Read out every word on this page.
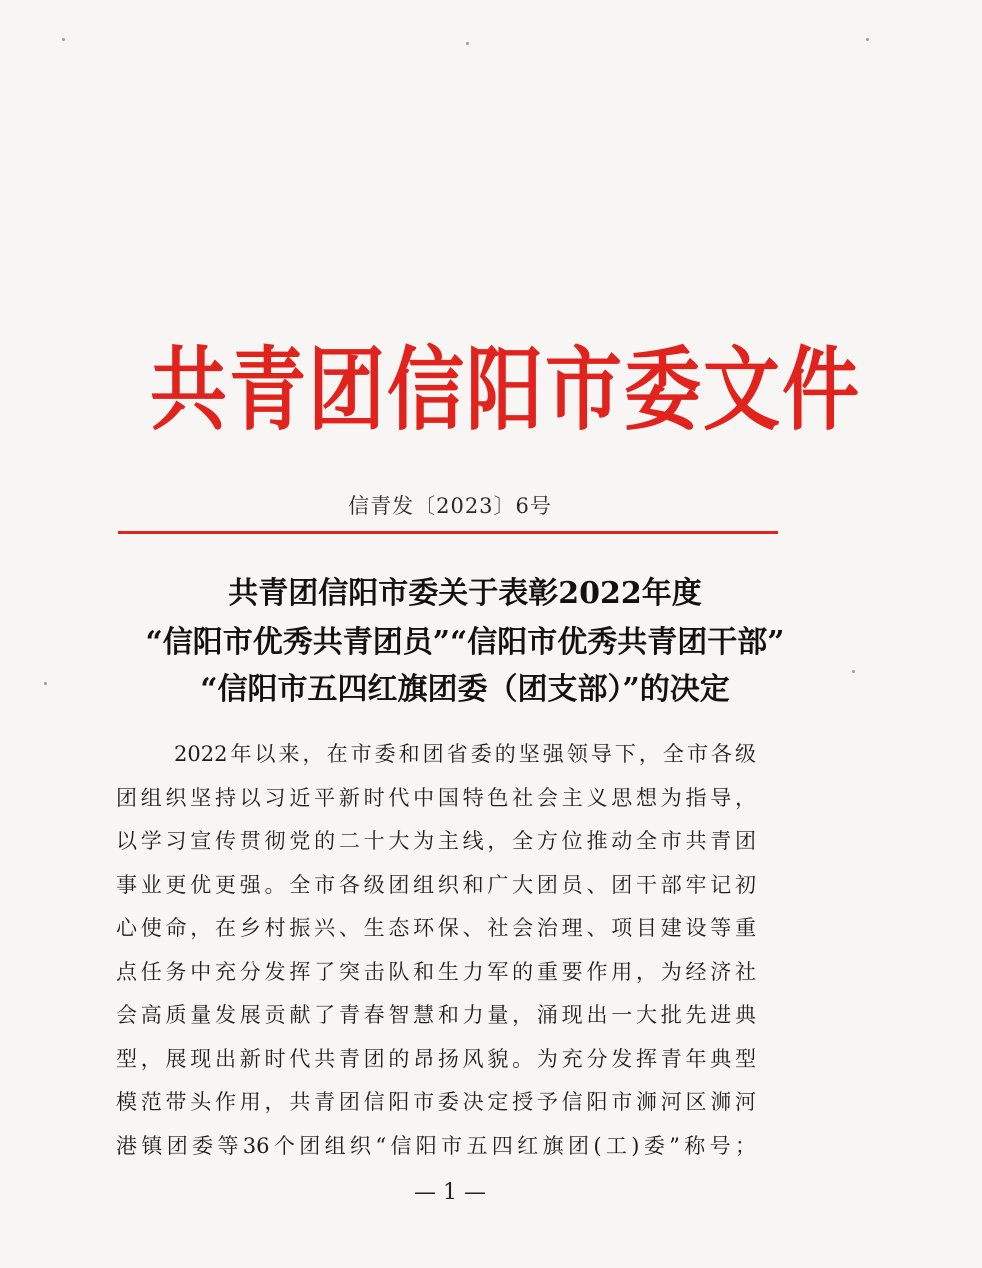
共青团信阳市委文件
信青发〔2023〕6号
共青团信阳市委关于表彰2022年度
“信阳市优秀共青团员”“信阳市优秀共青团干部”
“信阳市五四红旗团委（团支部）”的决定
2022年以来，在市委和团省委的坚强领导下，全市各级
团组织坚持以习近平新时代中国特色社会主义思想为指导，
以学习宣传贯彻党的二十大为主线，全方位推动全市共青团
事业更优更强。全市各级团组织和广大团员、团干部牢记初
心使命，在乡村振兴、生态环保、社会治理、项目建设等重
点任务中充分发挥了突击队和生力军的重要作用，为经济社
会高质量发展贡献了青春智慧和力量，涌现出一大批先进典
型，展现出新时代共青团的昂扬风貌。为充分发挥青年典型
模范带头作用，共青团信阳市委决定授予信阳市浉河区浉河
港镇团委等36个团组织“信阳市五四红旗团(工)委”称号；
— 1 —
